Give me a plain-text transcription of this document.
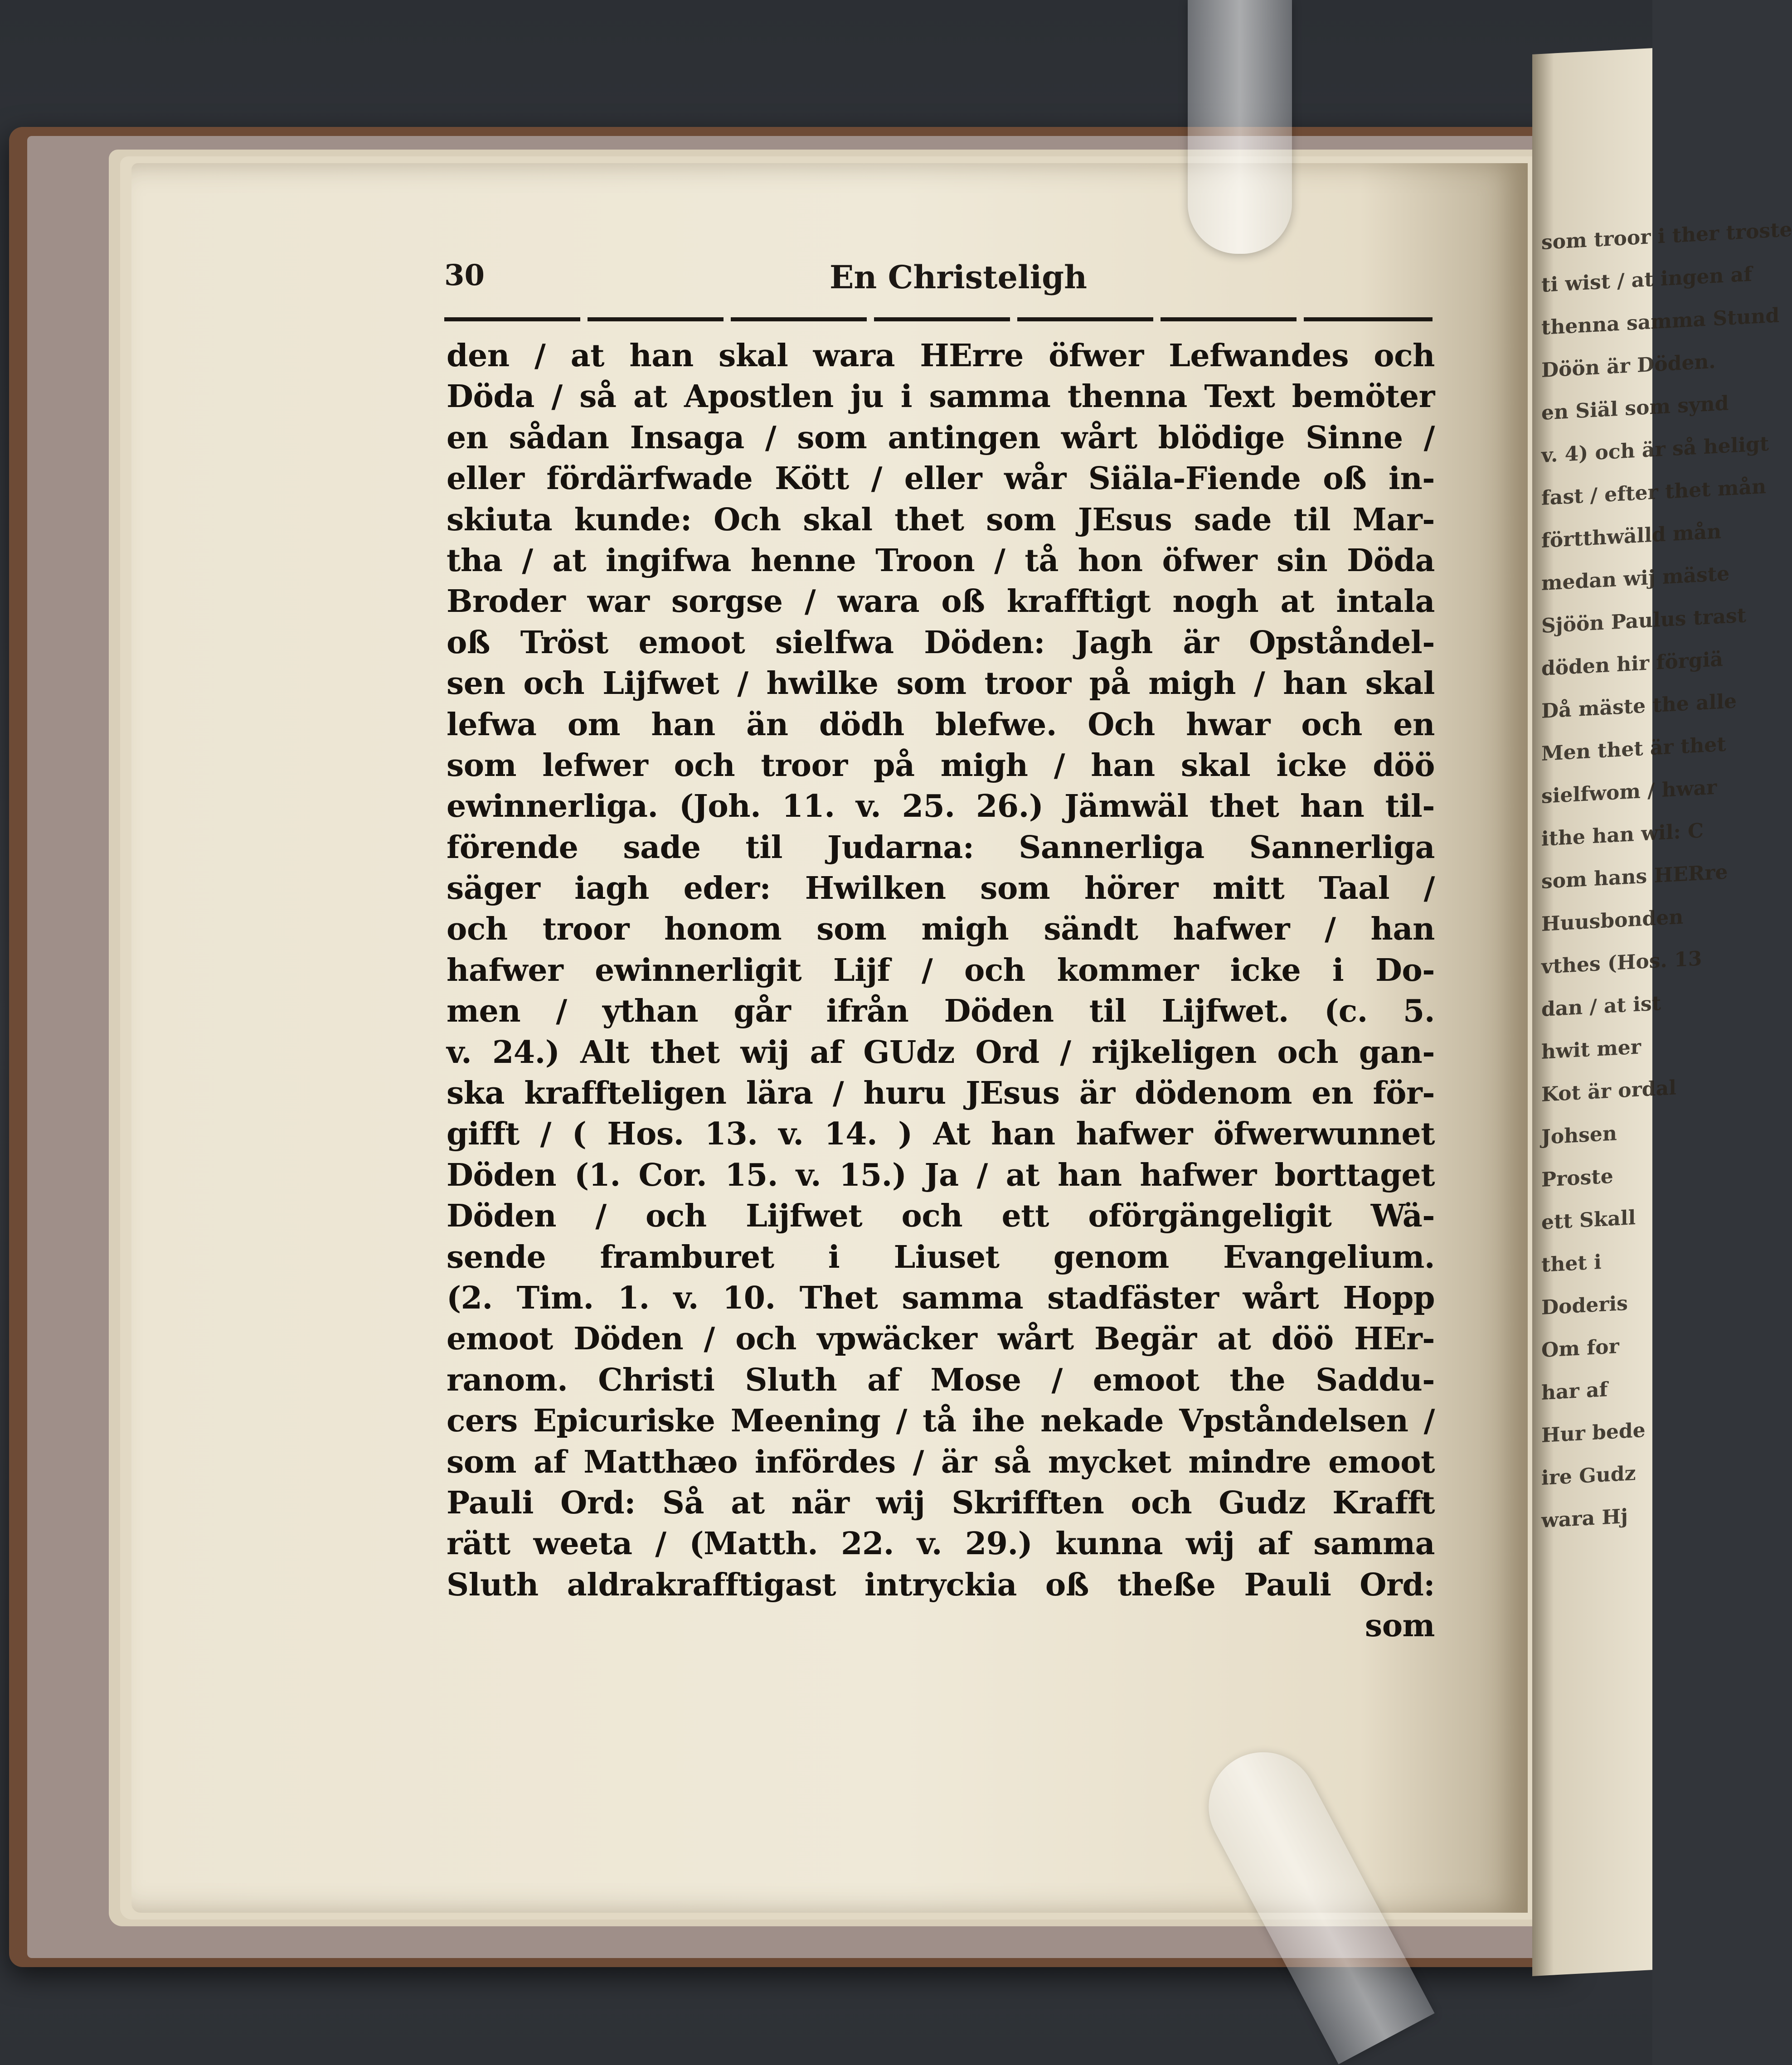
som troor i ther troste
ti wist / at ingen af
thenna samma Stund
Döön är Döden.
en Siäl som synd
v. 4) och är så heligt
fast / efter thet mån
förtthwälld mån
medan wij mäste
Sjöön Paulus trast
döden hir förgiä
Då mäste the alle
Men thet är thet
sielfwom / hwar
ithe han wil: C
som hans HERre
Huusbonden
vthes (Hos. 13
dan / at ist
hwit mer
Kot är ordal
Johsen
Proste
ett Skall
thet i
Doderis
Om for
har af
Hur bede
ire Gudz
wara Hj
30	En Christeligh
den / at han skal wara HErre öfwer Lefwandes och
Döda / så at Apostlen ju i samma thenna Text bemöter
en sådan Insaga / som antingen wårt blödige Sinne /
eller fördärfwade Kött / eller wår Siäla-Fiende oß in-
skiuta kunde: Och skal thet som JEsus sade til Mar-
tha / at ingifwa henne Troon / tå hon öfwer sin Döda
Broder war sorgse / wara oß krafftigt nogh at intala
oß Tröst emoot sielfwa Döden: Jagh är Opståndel-
sen och Lijfwet / hwilke som troor på migh / han skal
lefwa om han än dödh blefwe. Och hwar och en
som lefwer och troor på migh / han skal icke döö
ewinnerliga. (Joh. 11. v. 25. 26.) Jämwäl thet han til-
förende sade til Judarna: Sannerliga Sannerliga
säger iagh eder: Hwilken som hörer mitt Taal /
och troor honom som migh sändt hafwer / han
hafwer ewinnerligit Lijf / och kommer icke i Do-
men / ythan går ifrån Döden til Lijfwet. (c. 5.
v. 24.) Alt thet wij af GUdz Ord / rijkeligen och gan-
ska kraffteligen lära / huru JEsus är dödenom en för-
gifft / ( Hos. 13. v. 14. ) At han hafwer öfwerwunnet
Döden (1. Cor. 15. v. 15.) Ja / at han hafwer borttaget
Döden / och Lijfwet och ett oförgängeligit Wä-
sende framburet i Liuset genom Evangelium.
(2. Tim. 1. v. 10. Thet samma stadfäster wårt Hopp
emoot Döden / och vpwäcker wårt Begär at döö HEr-
ranom. Christi Sluth af Mose / emoot the Saddu-
cers Epicuriske Meening / tå ihe nekade Vpståndelsen /
som af Matthæo infördes / är så mycket mindre emoot
Pauli Ord: Så at när wij Skrifften och Gudz Krafft
rätt weeta / (Matth. 22. v. 29.) kunna wij af samma
Sluth aldrakrafftigast intryckia oß theße Pauli Ord:
som
